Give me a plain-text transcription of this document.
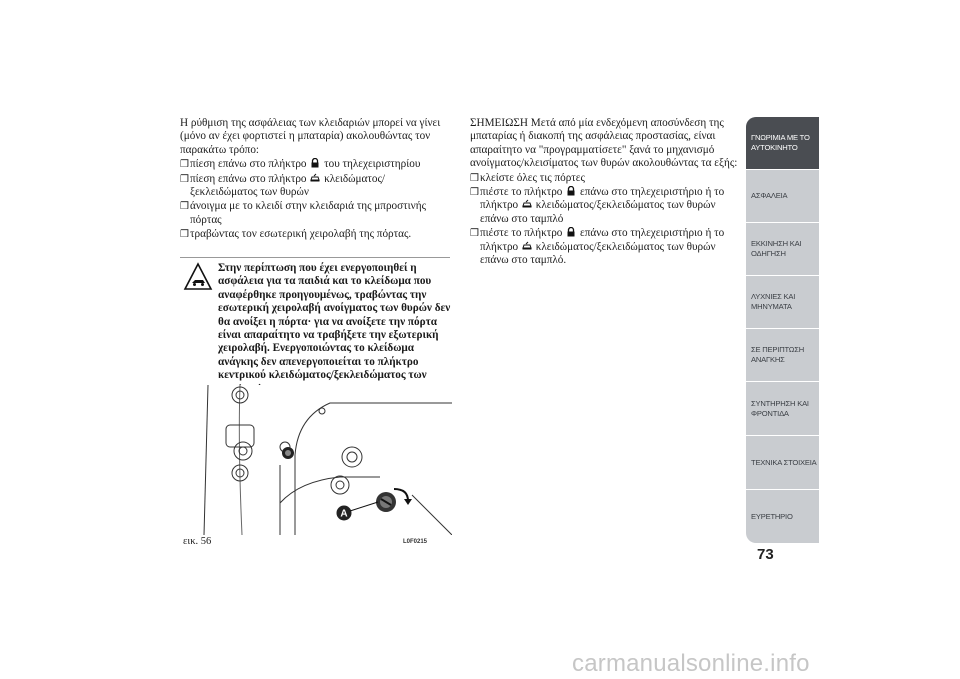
Η ρύθμιση της ασφάλειας των κλειδαριών μπορεί να γίνει (μόνο αν έχει φορτιστεί η μπαταρία) ακολουθώντας τον παρακάτω τρόπο:

❒ πίεση επάνω στο πλήκτρο του τηλεχειριστηρίου
❒ πίεση επάνω στο πλήκτρο κλειδώματος/ ξεκλειδώματος των θυρών
❒ άνοιγμα με το κλειδί στην κλειδαριά της μπροστινής πόρτας
❒ τραβώντας τον εσωτερική χειρολαβή της πόρτας.

Στην περίπτωση που έχει ενεργοποιηθεί η ασφάλεια για τα παιδιά και το κλείδωμα που αναφέρθηκε προηγουμένως, τραβώντας την εσωτερική χειρολαβή ανοίγματος των θυρών δεν θα ανοίξει η πόρτα· για να ανοίξετε την πόρτα είναι απαραίτητο να τραβήξετε την εξωτερική χειρολαβή. Ενεργοποιώντας το κλείδωμα ανάγκης δεν απενεργοποιείται το πλήκτρο κεντρικού κλειδώματος/ξεκλειδώματος των

A
εικ. 56	L0F0215

ΣΗΜΕΙΩΣΗ Μετά από μία ενδεχόμενη αποσύνδεση της μπαταρίας ή διακοπή της ασφάλειας προστασίας, είναι απαραίτητο να "προγραμματίσετε" ξανά το μηχανισμό ανοίγματος/κλεισίματος των θυρών ακολουθώντας τα εξής:

❒ κλείστε όλες τις πόρτες
❒ πιέστε το πλήκτρο επάνω στο τηλεχειριστήριο ή το πλήκτρο κλειδώματος/ξεκλειδώματος των θυρών επάνω στο ταμπλό
❒ πιέστε το πλήκτρο επάνω στο τηλεχειριστήριο ή το πλήκτρο κλειδώματος/ξεκλειδώματος των θυρών επάνω στο ταμπλό.
ΓΝΩΡΙΜΙΑ ΜΕ ΤΟ ΑΥΤΟΚΙΝΗΤΟ
ΑΣΦΑΛΕΙΑ
ΕΚΚΙΝΗΣΗ ΚΑΙ ΟΔΗΓΗΣΗ
ΛΥΧΝΙΕΣ ΚΑΙ ΜΗΝΥΜΑΤΑ
ΣΕ ΠΕΡΙΠΤΩΣΗ ΑΝΑΓΚΗΣ
ΣΥΝΤΗΡΗΣΗ ΚΑΙ ΦΡΟΝΤΙΔΑ
ΤΕΧΝΙΚΑ ΣΤΟΙΧΕΙΑ
ΕΥΡΕΤΗΡΙΟ
73
carmanualsonline.info
